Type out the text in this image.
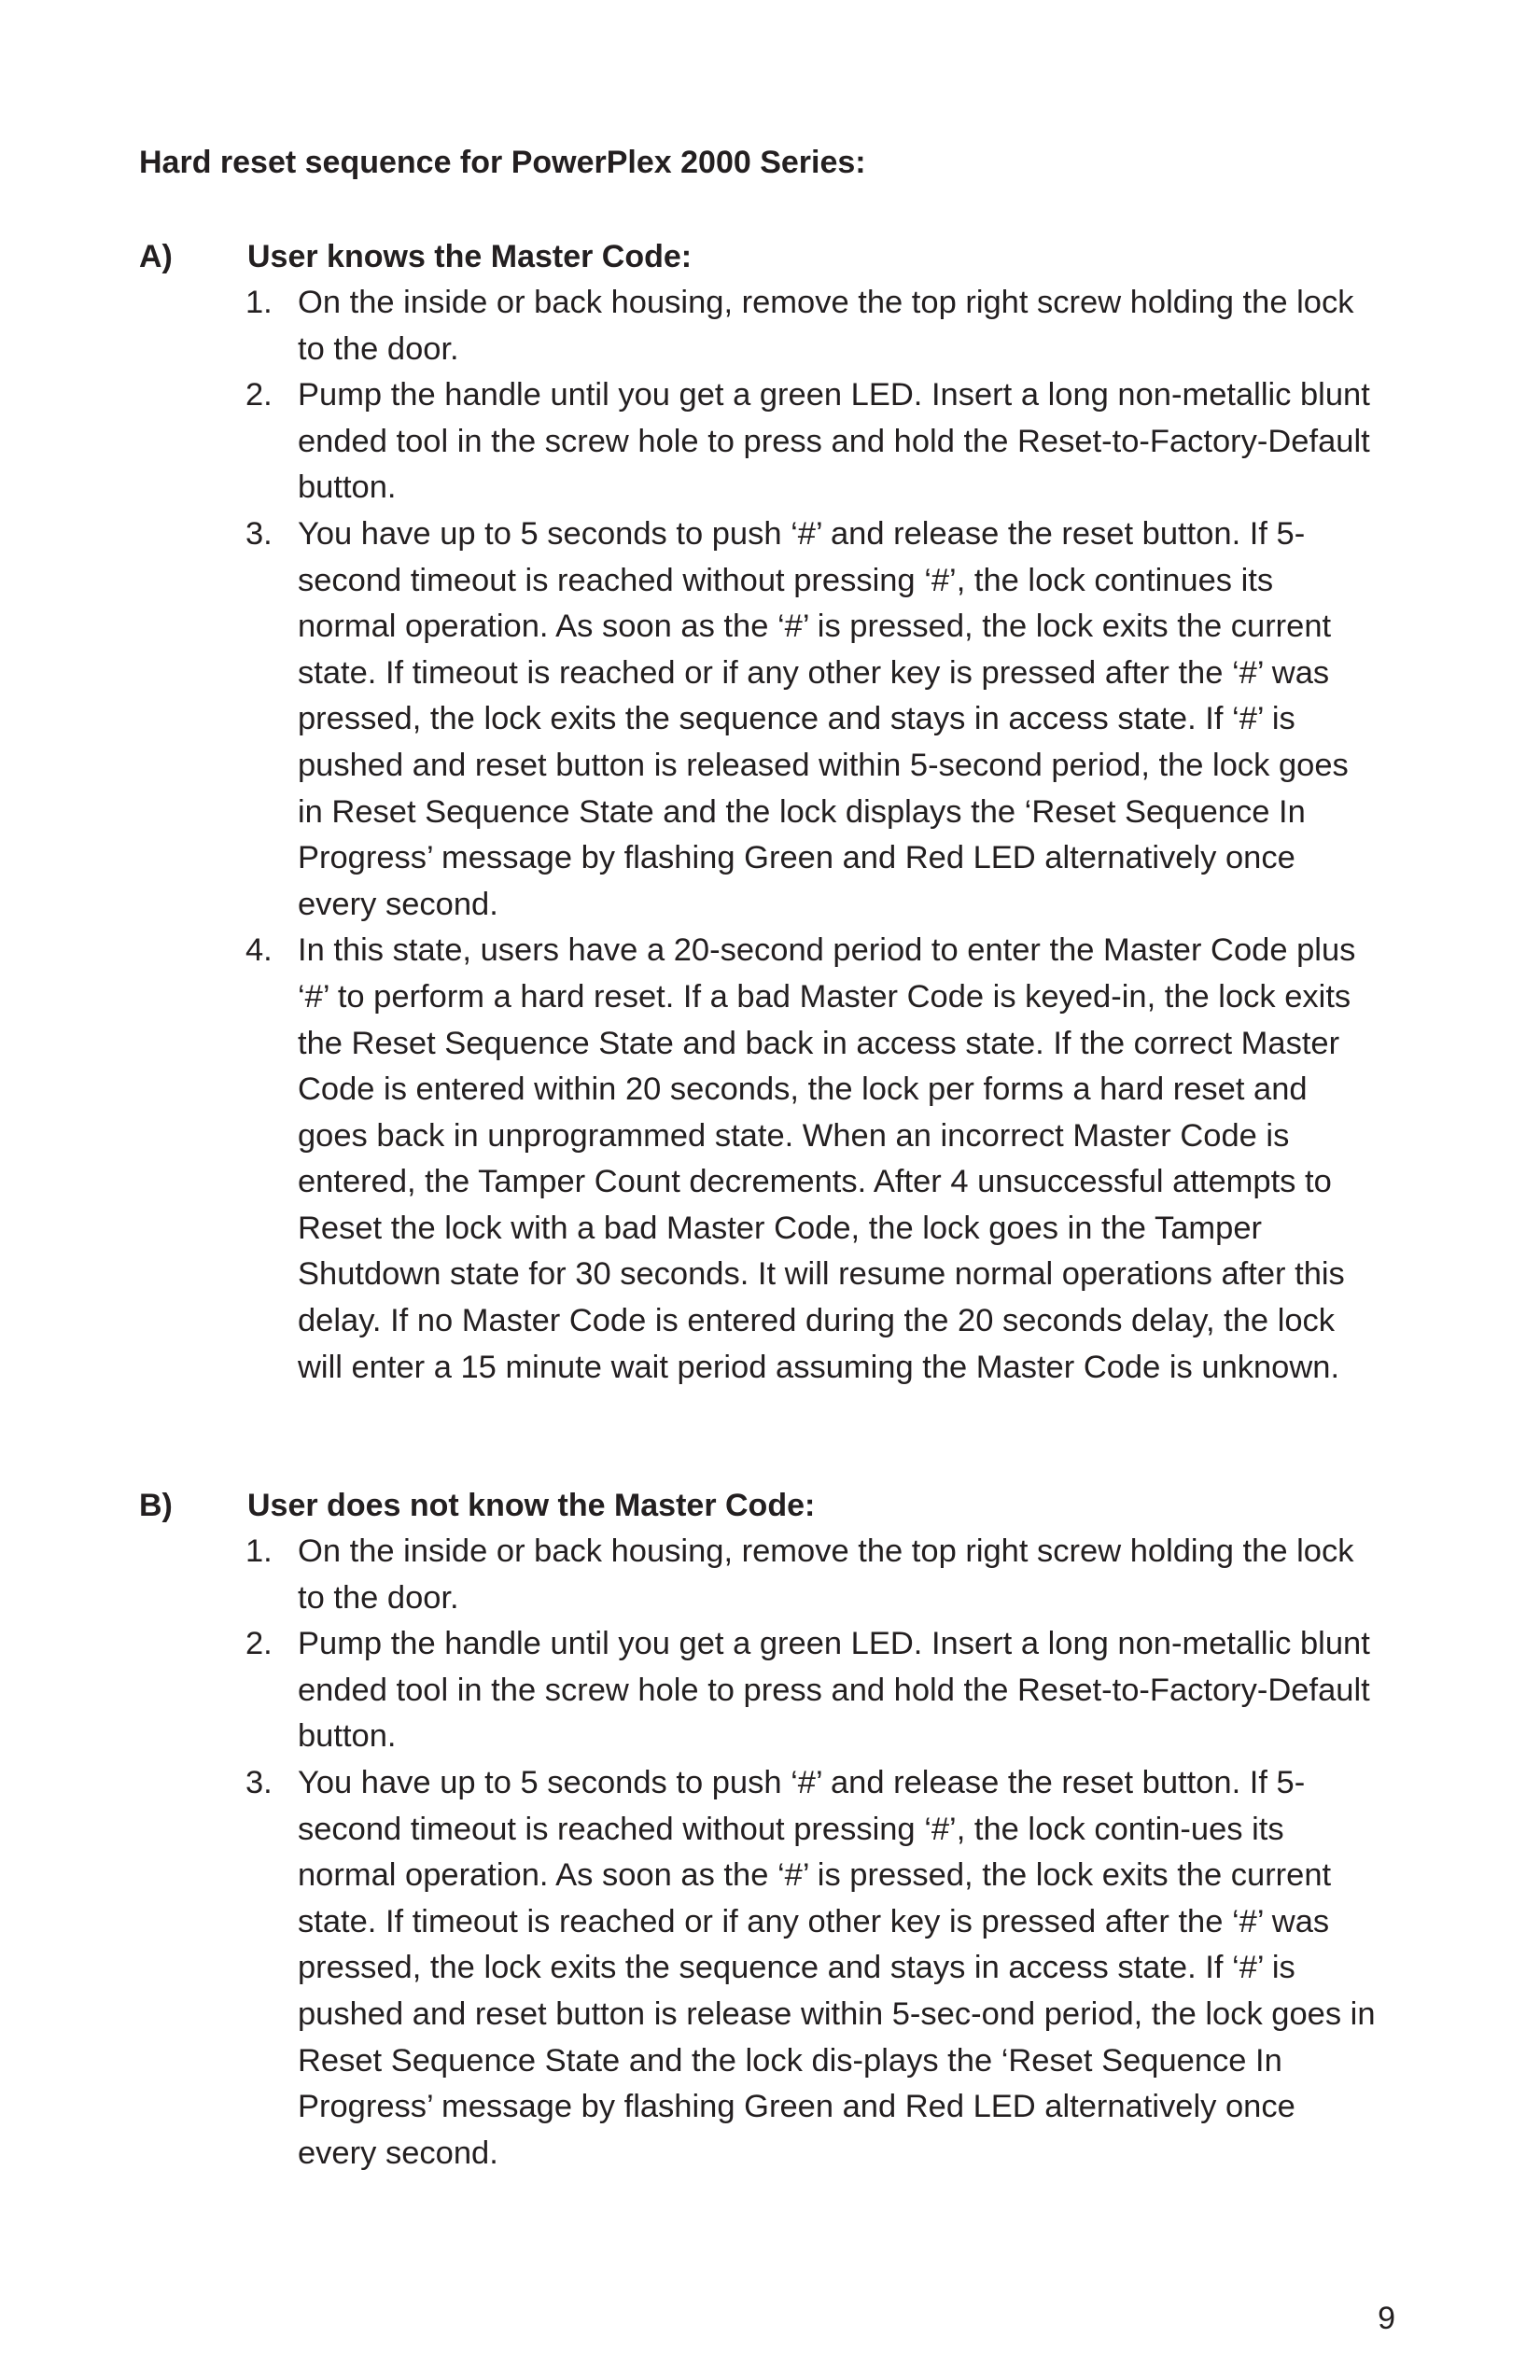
Hard reset sequence for PowerPlex 2000 Series:
A) User knows the Master Code:
1. On the inside or back housing, remove the top right screw holding the lock to the door.
2. Pump the handle until you get a green LED. Insert a long non-metallic blunt ended tool in the screw hole to press and hold the Reset-to-Factory-Default button.
3. You have up to 5 seconds to push ‘#’ and release the reset button. If 5-second timeout is reached without pressing ‘#’, the lock continues its normal operation. As soon as the ‘#’ is pressed, the lock exits the current state. If timeout is reached or if any other key is pressed after the ‘#’ was pressed, the lock exits the sequence and stays in access state. If ‘#’ is pushed and reset button is released within 5-second period, the lock goes in Reset Sequence State and the lock displays the ‘Reset Sequence In Progress’ message by flashing Green and Red LED alternatively once every second.
4. In this state, users have a 20-second period to enter the Master Code plus ‘#’ to perform a hard reset. If a bad Master Code is keyed-in, the lock exits the Reset Sequence State and back in access state. If the correct Master Code is entered within 20 seconds, the lock per forms a hard reset and goes back in unprogrammed state. When an incorrect Master Code is entered, the Tamper Count decrements. After 4 unsuccessful attempts to Reset the lock with a bad Master Code, the lock goes in the Tamper Shutdown state for 30 seconds. It will resume normal operations after this delay. If no Master Code is entered during the 20 seconds delay, the lock will enter a 15 minute wait period assuming the Master Code is unknown.
B) User does not know the Master Code:
1. On the inside or back housing, remove the top right screw holding the lock to the door.
2. Pump the handle until you get a green LED. Insert a long non-metallic blunt ended tool in the screw hole to press and hold the Reset-to-Factory-Default button.
3. You have up to 5 seconds to push ‘#’ and release the reset button. If 5-second timeout is reached without pressing ‘#’, the lock contin-ues its normal operation. As soon as the ‘#’ is pressed, the lock exits the current state. If timeout is reached or if any other key is pressed after the ‘#’ was pressed, the lock exits the sequence and stays in access state. If ‘#’ is pushed and reset button is release within 5-sec-ond period, the lock goes in Reset Sequence State and the lock dis-plays the ‘Reset Sequence In Progress’ message by flashing Green and Red LED alternatively once every second.
9
